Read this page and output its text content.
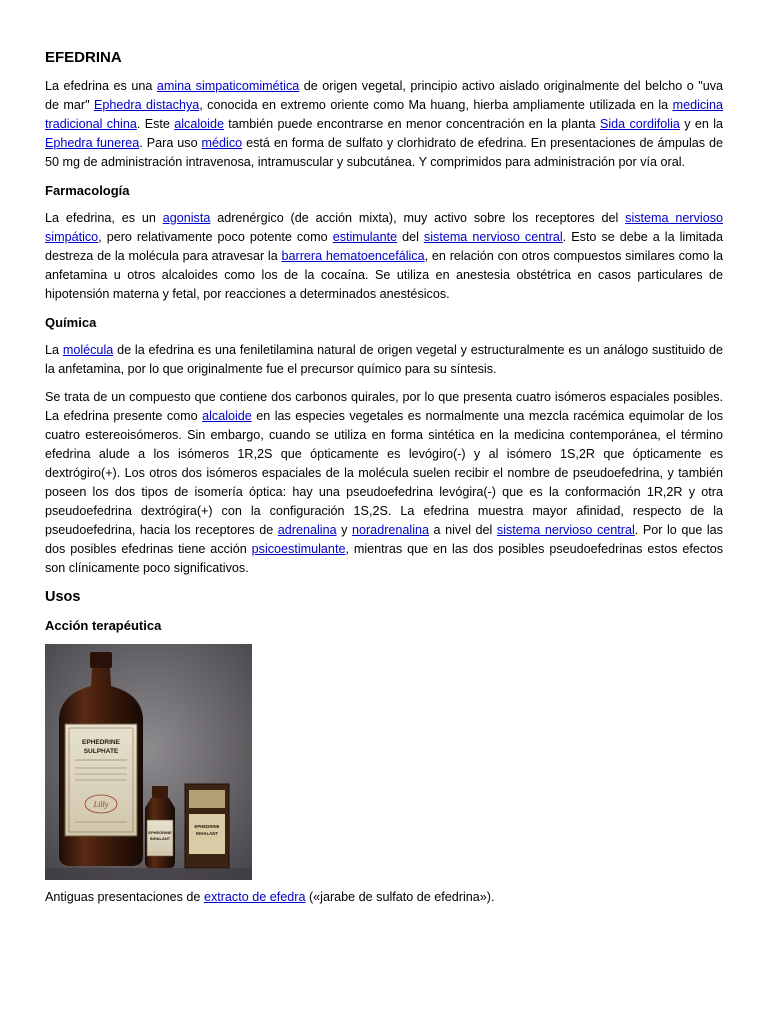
EFEDRINA

La efedrina es una amina simpaticomimética de origen vegetal, principio activo aislado originalmente del belcho o "uva de mar" Ephedra distachya, conocida en extremo oriente como Ma huang, hierba ampliamente utilizada en la medicina tradicional china. Este alcaloide también puede encontrarse en menor concentración en la planta Sida cordifolia y en la Ephedra funerea. Para uso médico está en forma de sulfato y clorhidrato de efedrina. En presentaciones de ámpulas de 50 mg de administración intravenosa, intramuscular y subcutánea. Y comprimidos para administración por vía oral.

Farmacología

La efedrina, es un agonista adrenérgico (de acción mixta), muy activo sobre los receptores del sistema nervioso simpático, pero relativamente poco potente como estimulante del sistema nervioso central. Esto se debe a la limitada destreza de la molécula para atravesar la barrera hematoencefálica, en relación con otros compuestos similares como la anfetamina u otros alcaloides como los de la cocaína. Se utiliza en anestesia obstétrica en casos particulares de hipotensión materna y fetal, por reacciones a determinados anestésicos.

Química

La molécula de la efedrina es una feniletilamina natural de origen vegetal y estructuralmente es un análogo sustituido de la anfetamina, por lo que originalmente fue el precursor químico para su síntesis.

Se trata de un compuesto que contiene dos carbonos quirales, por lo que presenta cuatro isómeros espaciales posibles. La efedrina presente como alcaloide en las especies vegetales es normalmente una mezcla racémica equimolar de los cuatro estereoisómeros. Sin embargo, cuando se utiliza en forma sintética en la medicina contemporánea, el término efedrina alude a los isómeros 1R,2S que ópticamente es levógiro(-) y al isómero 1S,2R que ópticamente es dextrógiro(+). Los otros dos isómeros espaciales de la molécula suelen recibir el nombre de pseudoefedrina, y también poseen los dos tipos de isomería óptica: hay una pseudoefedrina levógira(-) que es la conformación 1R,2R y otra pseudoefedrina dextrógira(+) con la configuración 1S,2S. La efedrina muestra mayor afinidad, respecto de la pseudoefedrina, hacia los receptores de adrenalina y noradrenalina a nivel del sistema nervioso central. Por lo que las dos posibles efedrinas tiene acción psicoestimulante, mientras que en las dos posibles pseudoefedrinas estos efectos son clínicamente poco significativos.

Usos
Acción terapéutica
EPHEDRINE
SULPHATE
Lilly
EPHEDRINE
INHALANT
EPHEDRINE
INHALANT

Antiguas presentaciones de extracto de efedra («jarabe de sulfato de efedrina»).
